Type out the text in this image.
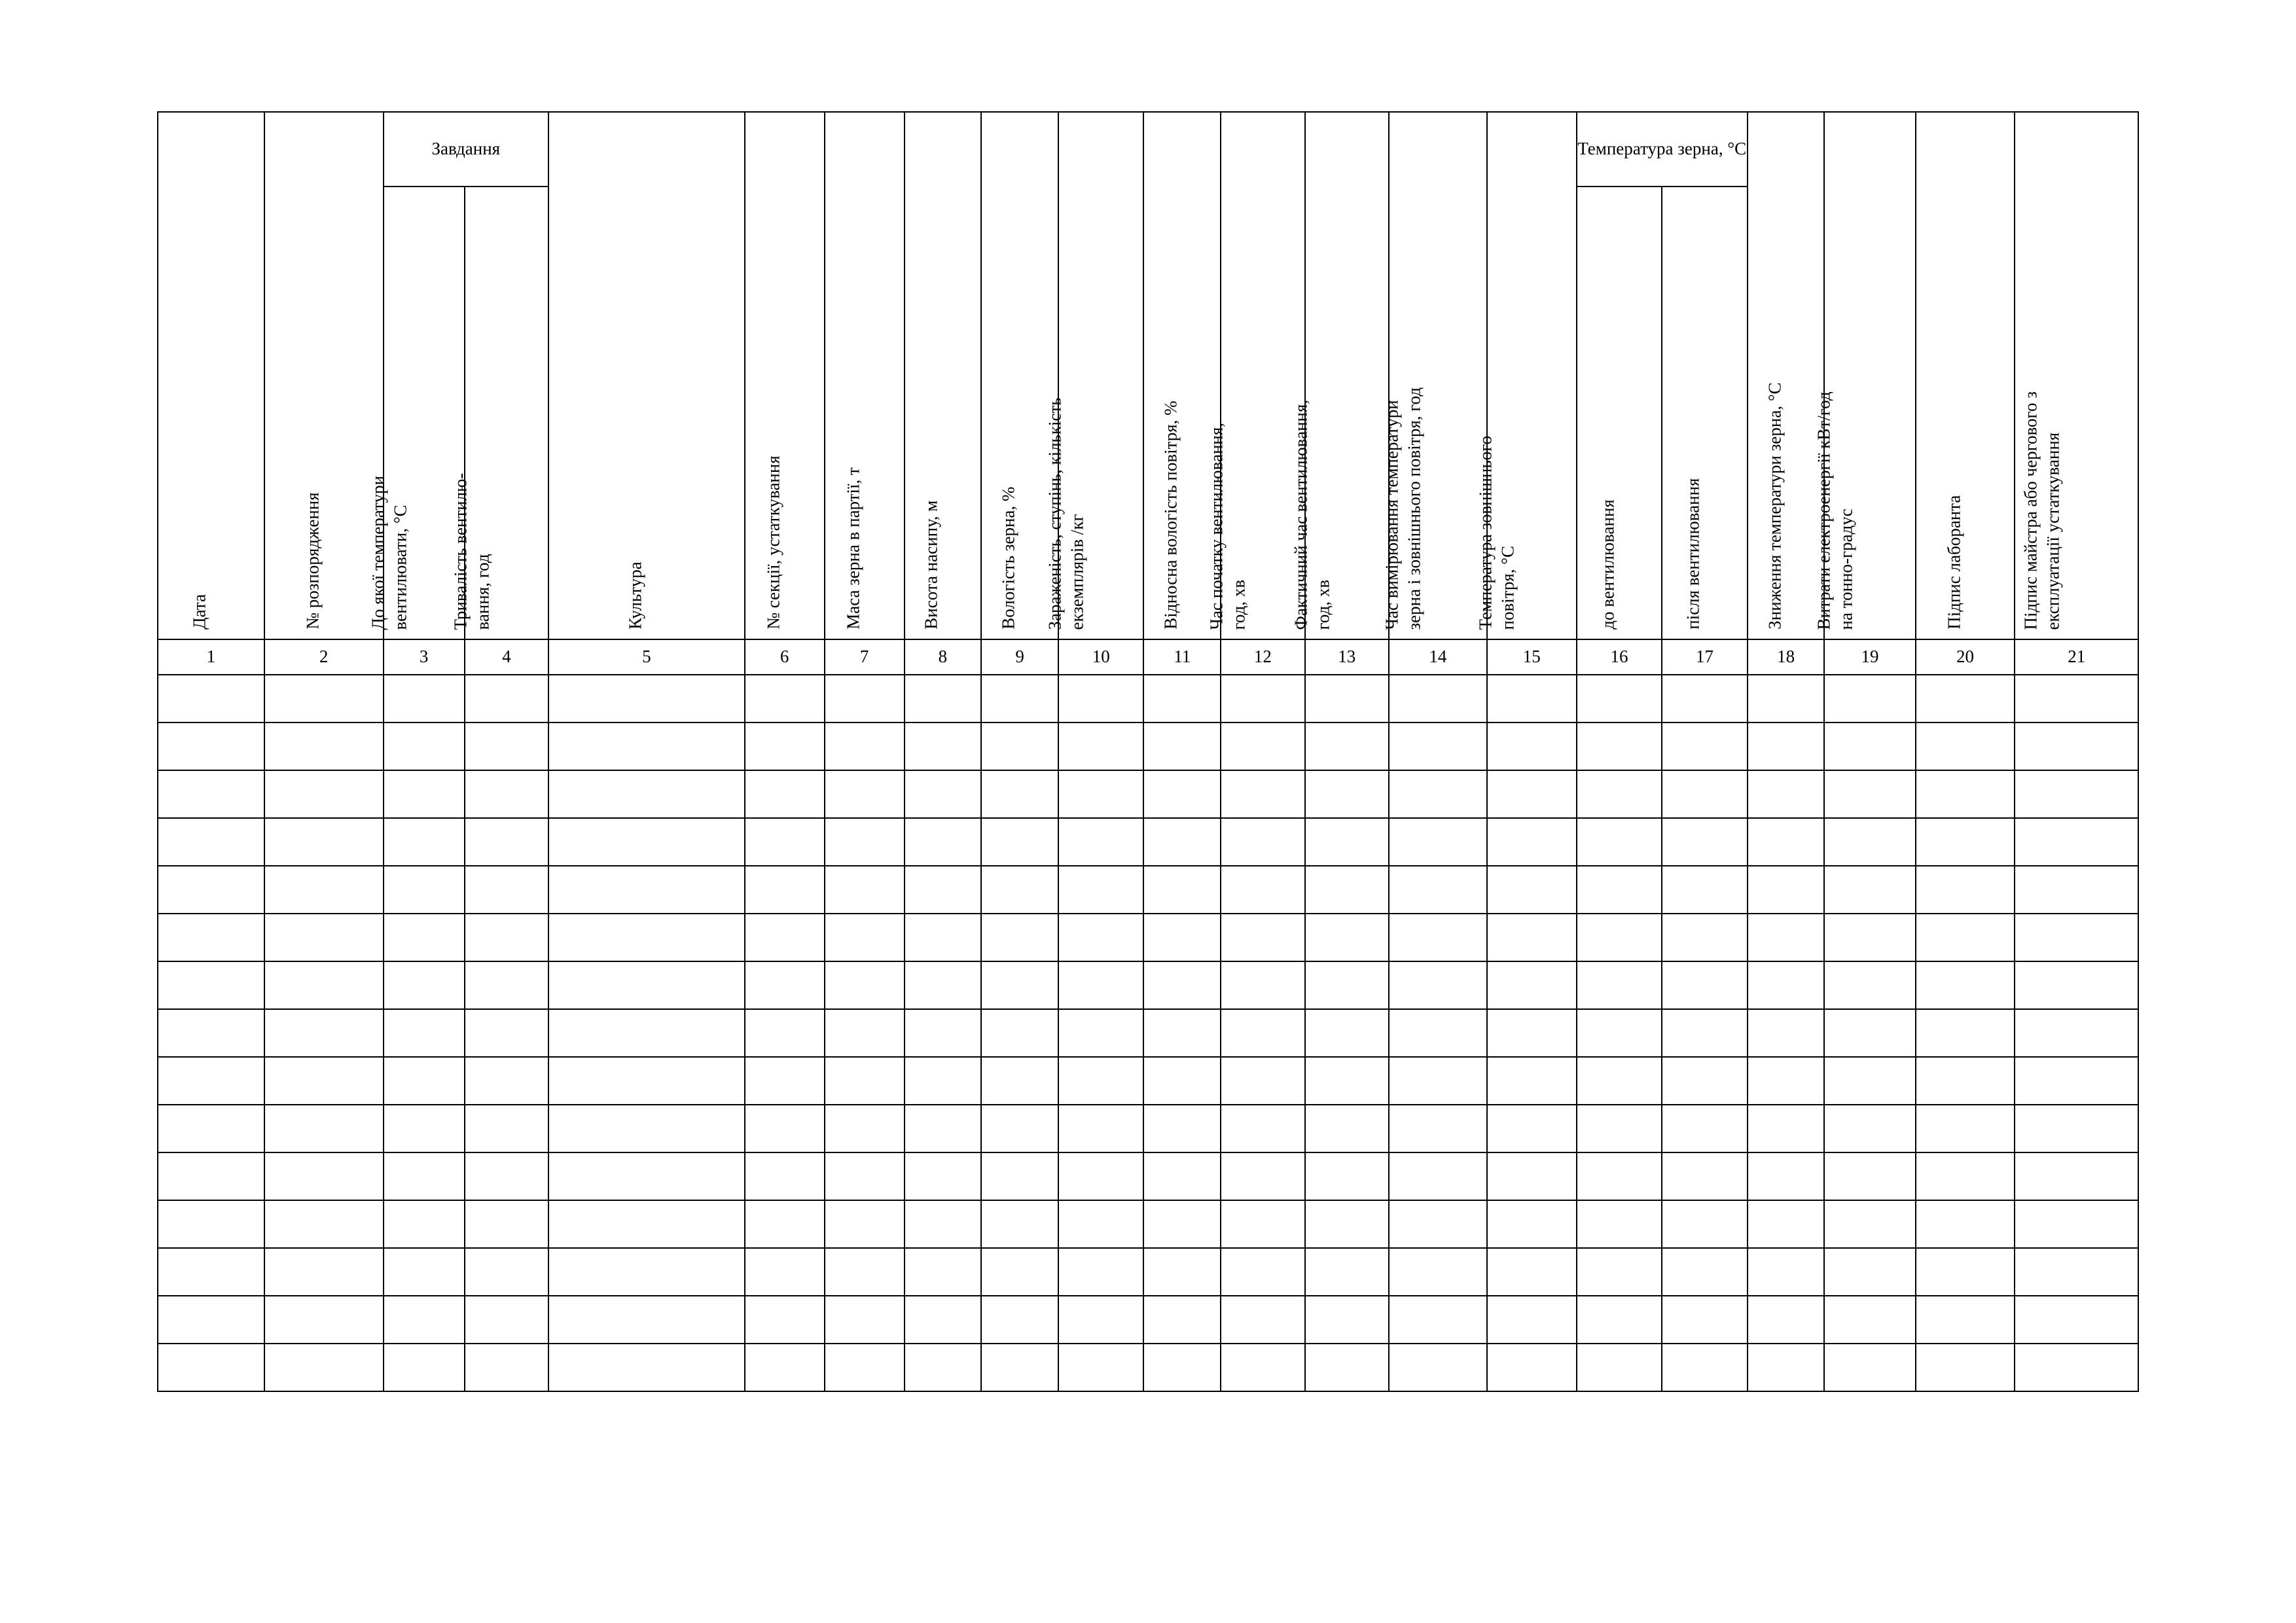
Дата	№ розпорядження	Завдання		Культура	№ секції, устаткування	Маса зерна в партії, т	Висота насипу, м	Вологість зерна, %	Зараженість, ступінь, кількість екземплярів /кг	Відносна вологість повітря, %	Час початку вентилювання, год, хв	Фактичний час вентилювання, год, хв	Час вимірювання температури зерна і зовнішнього повітря, год	Температура зовнішнього повітря, °C	Температура зерна, °C		Зниження температури зерна, °C	Витрати електроенергії кВт/год на тонно-градус	Підпис лаборанта	Підпис майстра або чергового з експлуатації устаткування

		До якої температури вентилювати, °C	Тривалість вентилю- вання, год												до вентилювання	після вентилювання				

1	2	3	4	5	6	7	8	9	10	11	12	13	14	15	16	17	18	19	20	21
